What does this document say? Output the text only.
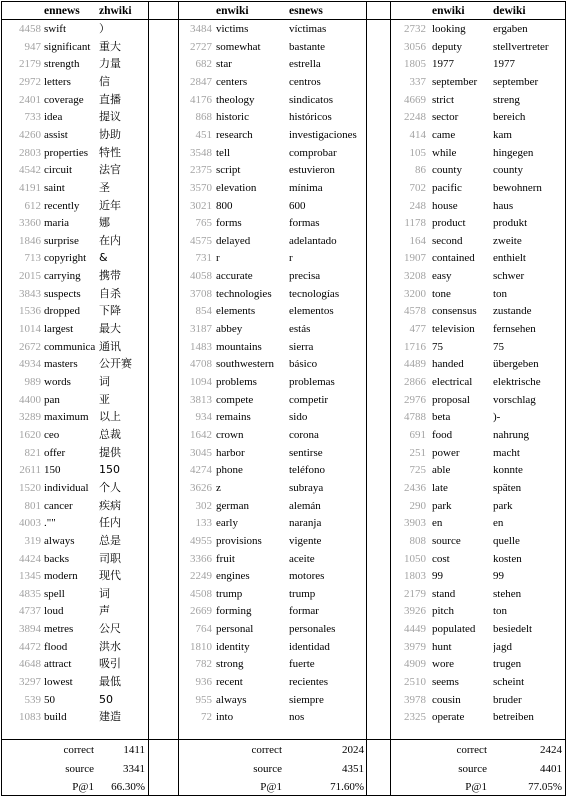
ennews zhwiki
4458 swift	）
947 significant 重大
2179 strength	力量
2972 letters	信
2401 coverage	直播
733 idea	提议
4260 assist	协助
2803 properties	特性
4542 circuit	法官
4191 saint	圣
612 recently	近年
3360 maria	娜
1846 surprise	在内
713 copyright	&
2015 carrying	携带
3843 suspects	自杀
1536 dropped	下降
1014 largest	最大
2672 communica 通讯
4934 masters	公开赛
989 words	词
4400 pan	亚
3289 maximum 以上
1620 ceo	总裁
821 offer	提供
2611 150	150
1520 individual 个人
801 cancer	疾病
4003 .""	任内
319 always	总是
4424 backs	司职
1345 modern	现代
4835 spell	词
4737 loud	声
3894 metres	公尺
4472 flood	洪水
4648 attract	吸引
3297 lowest	最低
539 50	50
1083 build	建造
correct	1411
source	3341
P@1	66.30%
enwiki	esnews
3484 victims	víctimas
2727 somewhat	bastante
682 star	estrella
2847 centers	centros
4176 theology	sindicatos
868 historic	históricos
451 research	investigaciones
3548 tell	comprobar
2375 script	estuvieron
3570 elevation	mínima
3021 800	600
765 forms	formas
4575 delayed	adelantado
731 r	r
4058 accurate	precisa
3708 technologies	tecnologías
854 elements	elementos
3187 abbey	estás
1483 mountains	sierra
4708 southwestern	básico
1094 problems	problemas
3813 compete	competir
934 remains	sido
1642 crown	corona
3045 harbor	sentirse
4274 phone	teléfono
3626 z	subraya
302 german	alemán
133 early	naranja
4955 provisions	vigente
3366 fruit	aceite
2249 engines	motores
4508 trump	trump
2669 forming	formar
764 personal	personales
1810 identity	identidad
782 strong	fuerte
936 recent	recientes
955 always	siempre
72 into	nos
correct	2024
source	4351
P@1	71.60%
enwiki dewiki
2732 looking	ergaben
3056 deputy	stellvertreter
1805 1977	1977
337 september	september
4669 strict	streng
2248 sector	bereich
414 came	kam
105 while	hingegen
86 county	county
702 pacific	bewohnern
248 house	haus
1178 product	produkt
164 second	zweite
1907 contained	enthielt
3208 easy	schwer
3200 tone	ton
4578 consensus	zustande
477 television	fernsehen
1716 75	75
4489 handed	übergeben
2866 electrical	elektrische
2976 proposal	vorschlag
4788 beta	)-
691 food	nahrung
251 power	macht
725 able	konnte
2436 late	späten
290 park	park
3903 en	en
808 source	quelle
1050 cost	kosten
1803 99	99
2179 stand	stehen
3926 pitch	ton
4449 populated	besiedelt
3979 hunt	jagd
4909 wore	trugen
2510 seems	scheint
3978 cousin	bruder
2325 operate	betreiben
correct	2424
source	4401
P@1	77.05%
